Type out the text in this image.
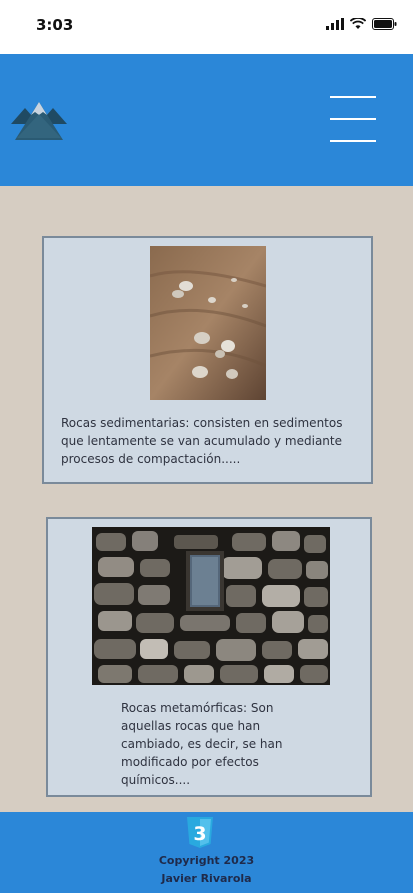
3:03

Rocas sedimentarias: consisten en sedimentos que lentamente se van acumulado y mediante procesos de compactación.....

Rocas metamórficas: Son aquellas rocas que han cambiado, es decir, se han modificado por efectos químicos....

3
Copyright 2023
Javier Rivarola
